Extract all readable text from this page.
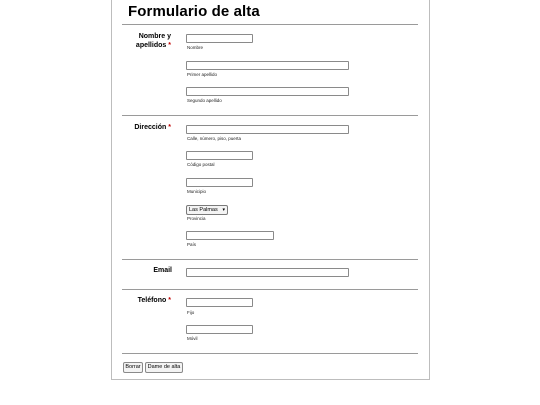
Formulario de alta
Nombre y apellidos *	Nombre
Primer apellido
Segundo apellido
Dirección *
Calle, número, piso, puerta
Código postal
Municipio
Las Palmas ▾
Provincia
País
Email
Teléfono *
Fijo
Móvil
Borrar	Dame de alta
